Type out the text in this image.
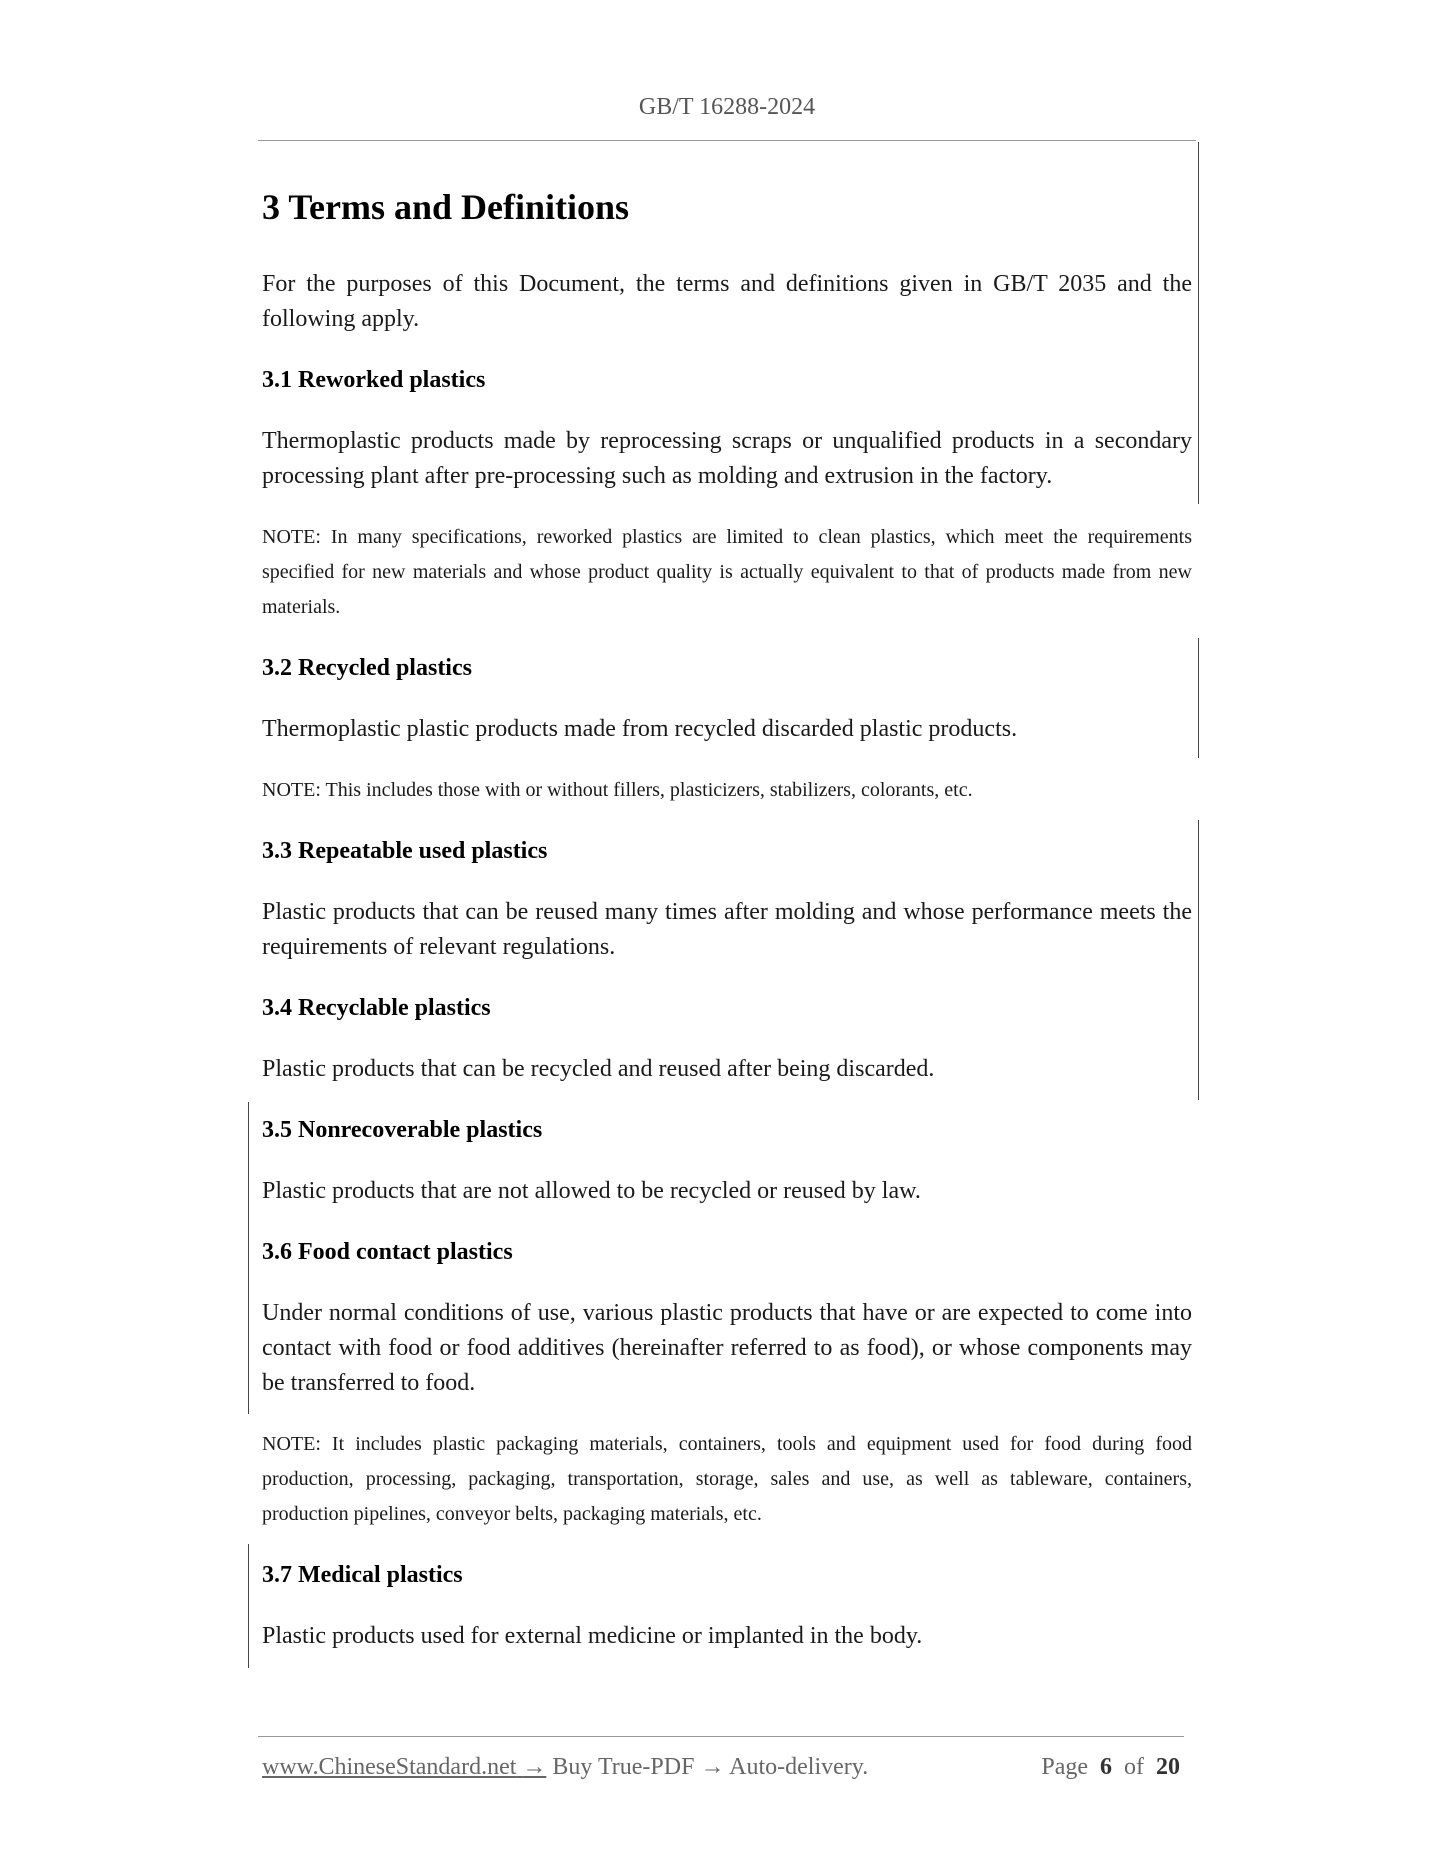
GB/T 16288-2024
3 Terms and Definitions

For the purposes of this Document, the terms and definitions given in GB/T 2035 and the following apply.

3.1 Reworked plastics

Thermoplastic products made by reprocessing scraps or unqualified products in a secondary processing plant after pre-processing such as molding and extrusion in the factory.

NOTE: In many specifications, reworked plastics are limited to clean plastics, which meet the requirements specified for new materials and whose product quality is actually equivalent to that of products made from new materials.

3.2 Recycled plastics

Thermoplastic plastic products made from recycled discarded plastic products.

NOTE: This includes those with or without fillers, plasticizers, stabilizers, colorants, etc.

3.3 Repeatable used plastics

Plastic products that can be reused many times after molding and whose performance meets the requirements of relevant regulations.

3.4 Recyclable plastics

Plastic products that can be recycled and reused after being discarded.

3.5 Nonrecoverable plastics

Plastic products that are not allowed to be recycled or reused by law.

3.6 Food contact plastics

Under normal conditions of use, various plastic products that have or are expected to come into contact with food or food additives (hereinafter referred to as food), or whose components may be transferred to food.

NOTE: It includes plastic packaging materials, containers, tools and equipment used for food during food production, processing, packaging, transportation, storage, sales and use, as well as tableware, containers, production pipelines, conveyor belts, packaging materials, etc.

3.7 Medical plastics

Plastic products used for external medicine or implanted in the body.

www.ChineseStandard.net → Buy True-PDF → Auto-delivery.	Page 6 of 20
